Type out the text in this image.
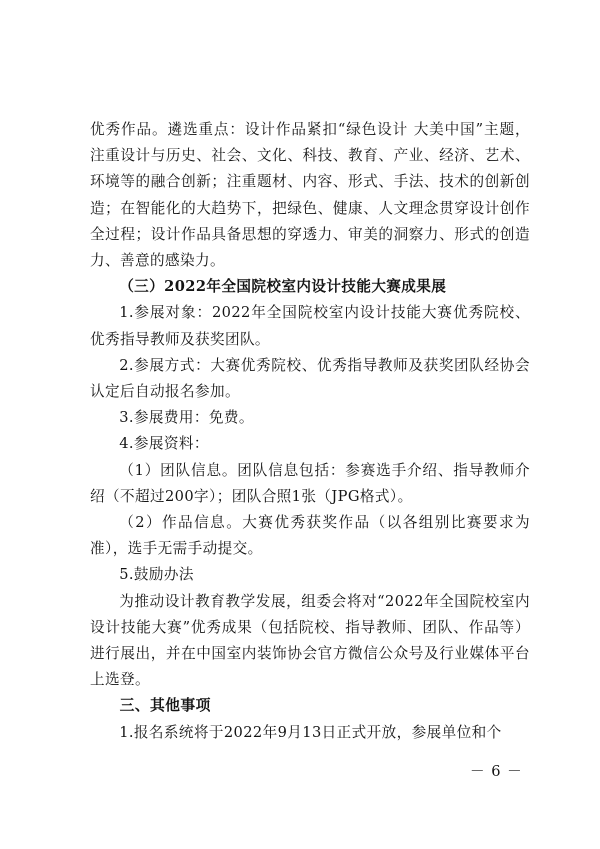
优秀作品。遴选重点：设计作品紧扣“绿色设计 大美中国”主题，注重设计与历史、社会、文化、科技、教育、产业、经济、艺术、环境等的融合创新；注重题材、内容、形式、手法、技术的创新创造；在智能化的大趋势下，把绿色、健康、人文理念贯穿设计创作全过程；设计作品具备思想的穿透力、审美的洞察力、形式的创造力、善意的感染力。

（三）2022年全国院校室内设计技能大赛成果展

1.参展对象：2022年全国院校室内设计技能大赛优秀院校、优秀指导教师及获奖团队。

2.参展方式：大赛优秀院校、优秀指导教师及获奖团队经协会认定后自动报名参加。

3.参展费用：免费。

4.参展资料：

（1）团队信息。团队信息包括：参赛选手介绍、指导教师介绍（不超过200字）；团队合照1张（JPG格式）。

（2）作品信息。大赛优秀获奖作品（以各组别比赛要求为准），选手无需手动提交。

5.鼓励办法

为推动设计教育教学发展，组委会将对“2022年全国院校室内设计技能大赛”优秀成果（包括院校、指导教师、团队、作品等）进行展出，并在中国室内装饰协会官方微信公众号及行业媒体平台上选登。

三、其他事项

1.报名系统将于2022年9月13日正式开放，参展单位和个

－ 6 －
